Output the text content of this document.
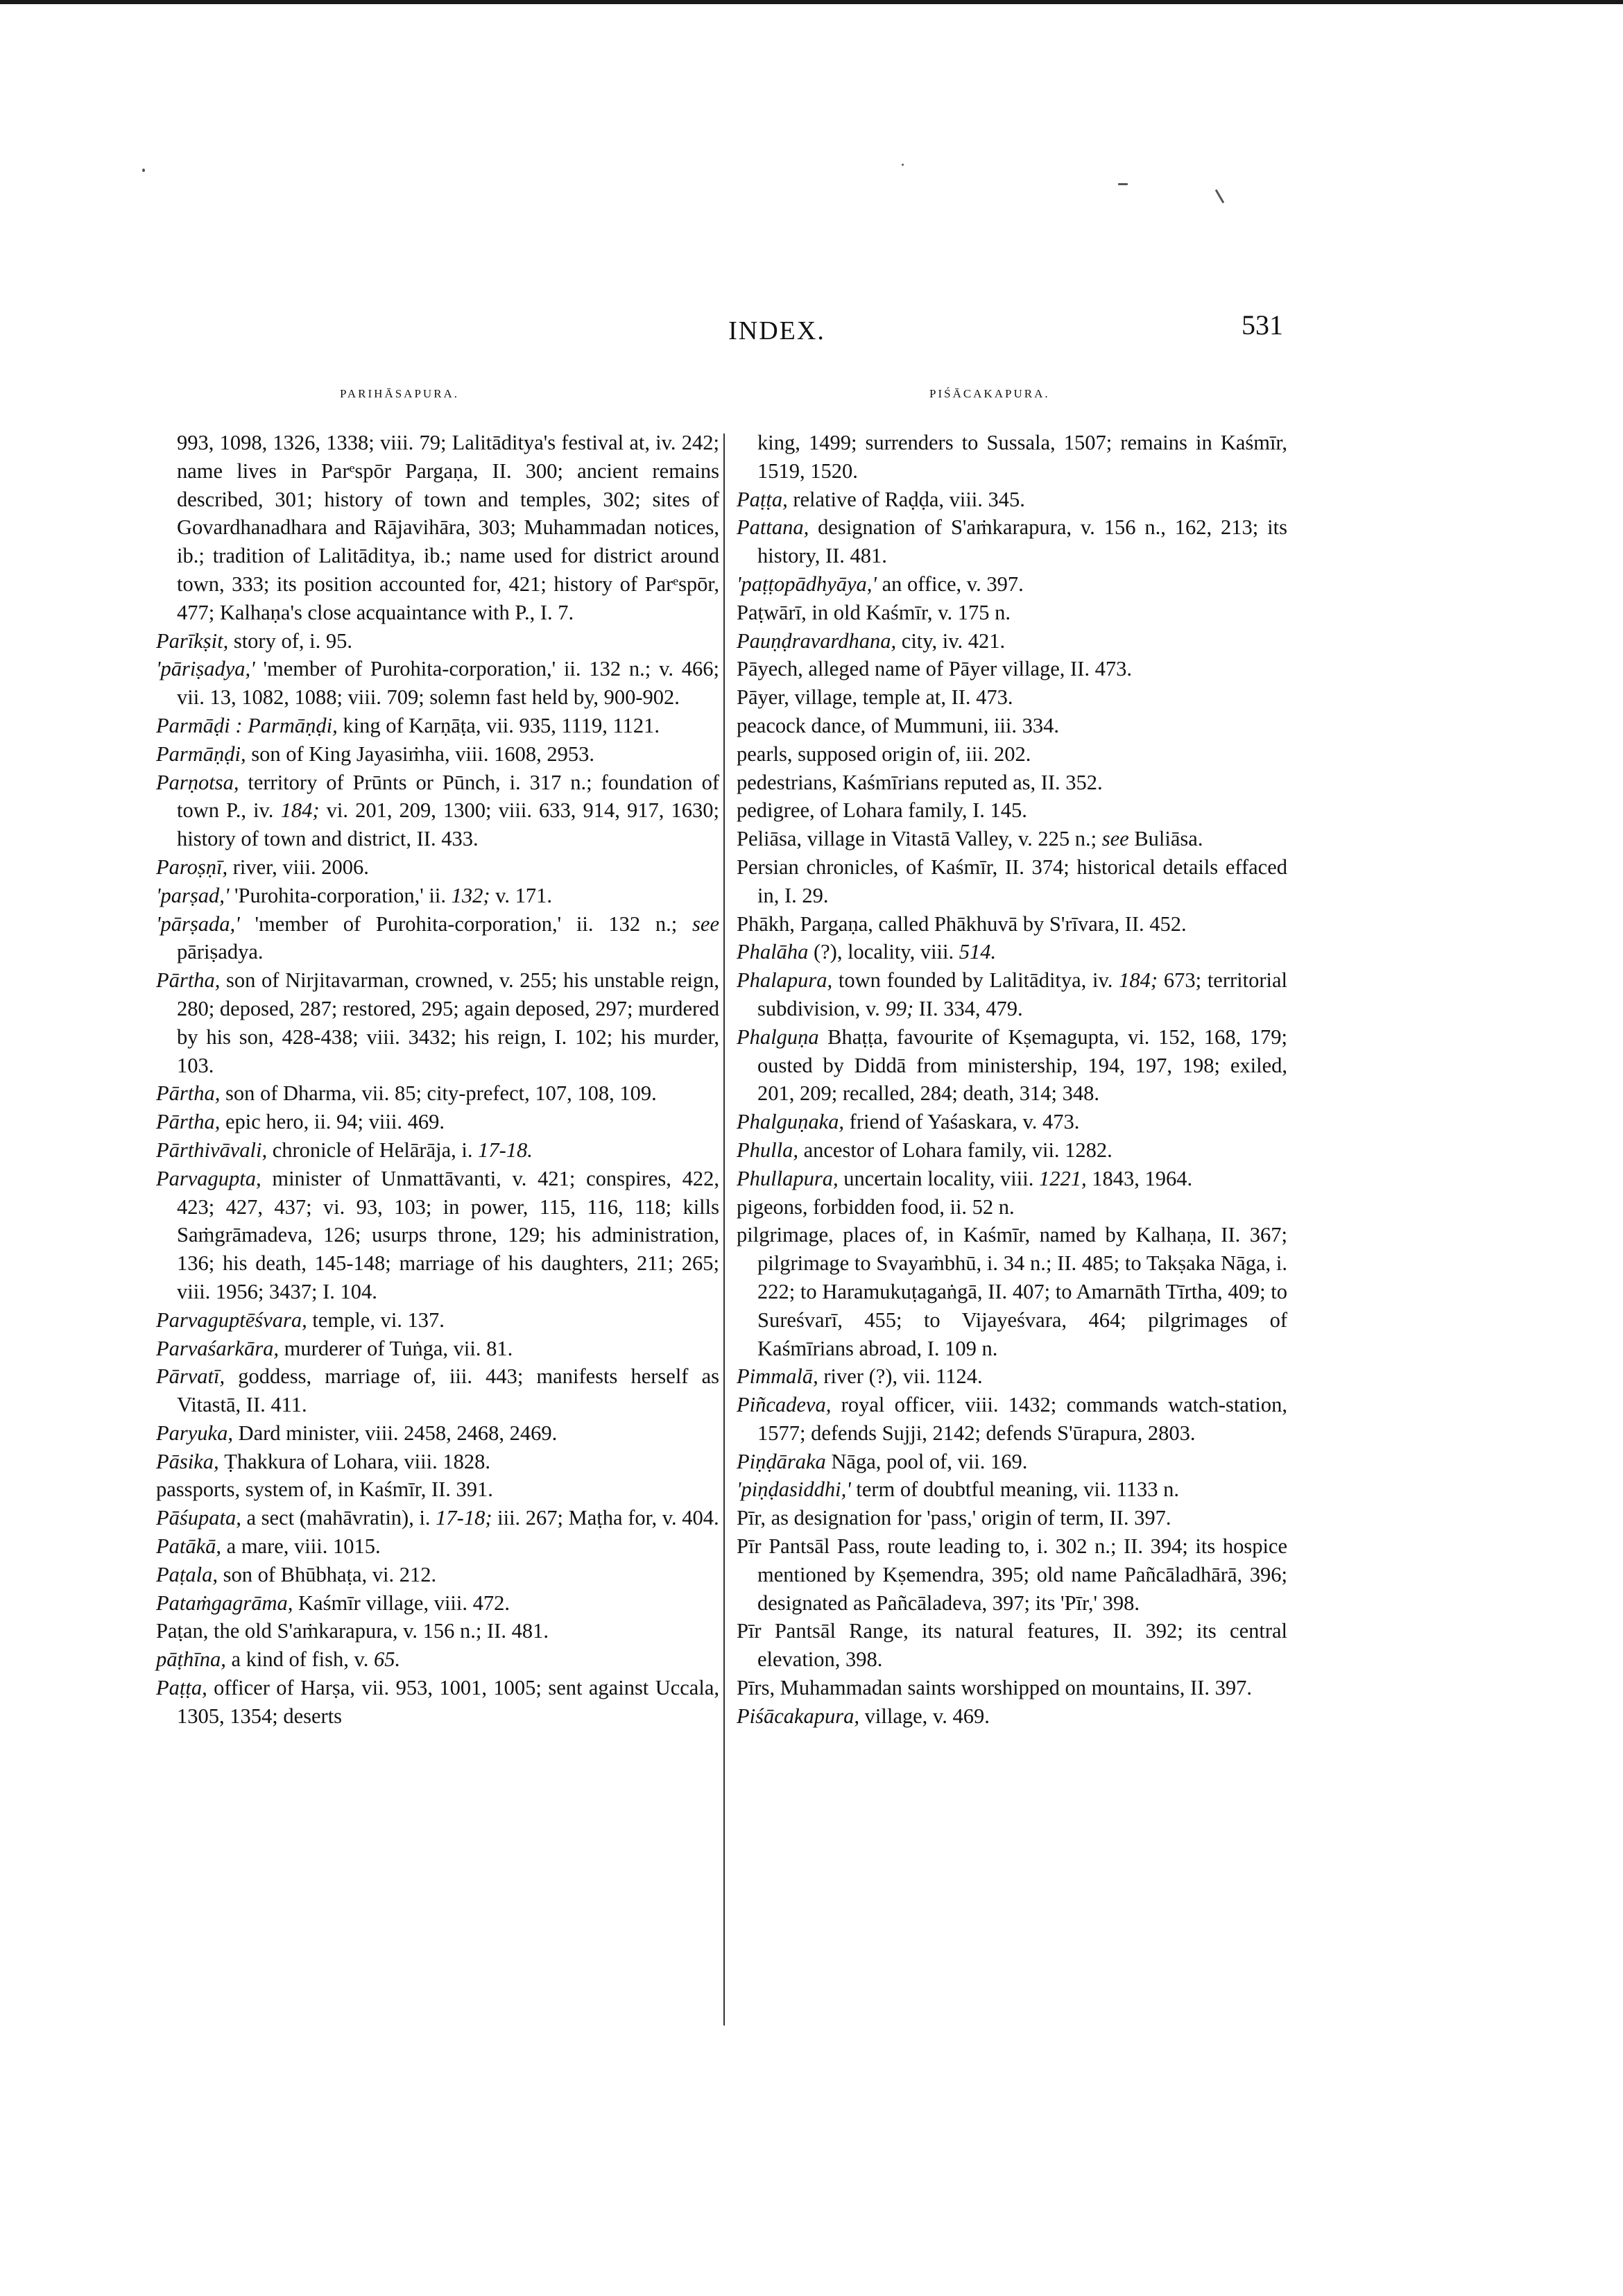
INDEX.	531
PARIHĀSAPURA.	PIŚĀCAKAPURA.

993, 1098, 1326, 1338; viii. 79; Lalitāditya's festival at, iv. 242; name lives in Parᵉspōr Pargaṇa, II. 300; ancient remains described, 301; history of town and temples, 302; sites of Govardhanadhara and Rājavihāra, 303; Muhammadan notices, ib.; tradition of Lalitāditya, ib.; name used for district around town, 333; its position accounted for, 421; history of Parᵉspōr, 477; Kalhaṇa's close acquaintance with P., I. 7.

Parīkṣit, story of, i. 95.

'pāriṣadya,' 'member of Purohita-corporation,' ii. 132 n.; v. 466; vii. 13, 1082, 1088; viii. 709; solemn fast held by, 900-902.

Parmāḍi : Parmāṇḍi, king of Karṇāṭa, vii. 935, 1119, 1121.

Parmāṇḍi, son of King Jayasiṁha, viii. 1608, 2953.

Parṇotsa, territory of Prūnts or Pūnch, i. 317 n.; foundation of town P., iv. 184; vi. 201, 209, 1300; viii. 633, 914, 917, 1630; history of town and district, II. 433.

Paroṣṇī, river, viii. 2006.

'parṣad,' 'Purohita-corporation,' ii. 132; v. 171.

'pārṣada,' 'member of Purohita-corporation,' ii. 132 n.; see pāriṣadya.

Pārtha, son of Nirjitavarman, crowned, v. 255; his unstable reign, 280; deposed, 287; restored, 295; again deposed, 297; murdered by his son, 428-438; viii. 3432; his reign, I. 102; his murder, 103.

Pārtha, son of Dharma, vii. 85; city-prefect, 107, 108, 109.

Pārtha, epic hero, ii. 94; viii. 469.

Pārthivāvali, chronicle of Helārāja, i. 17-18.

Parvagupta, minister of Unmattāvanti, v. 421; conspires, 422, 423; 427, 437; vi. 93, 103; in power, 115, 116, 118; kills Saṁgrāmadeva, 126; usurps throne, 129; his administration, 136; his death, 145-148; marriage of his daughters, 211; 265; viii. 1956; 3437; I. 104.

Parvaguptēśvara, temple, vi. 137.

Parvaśarkāra, murderer of Tuṅga, vii. 81.

Pārvatī, goddess, marriage of, iii. 443; manifests herself as Vitastā, II. 411.

Paryuka, Dard minister, viii. 2458, 2468, 2469.

Pāsika, Ṭhakkura of Lohara, viii. 1828.

passports, system of, in Kaśmīr, II. 391.

Pāśupata, a sect (mahāvratin), i. 17-18; iii. 267; Maṭha for, v. 404.

Patākā, a mare, viii. 1015.

Paṭala, son of Bhūbhaṭa, vi. 212.

Pataṁgagrāma, Kaśmīr village, viii. 472.

Paṭan, the old S'aṁkarapura, v. 156 n.; II. 481.

pāṭhīna, a kind of fish, v. 65.

Paṭṭa, officer of Harṣa, vii. 953, 1001, 1005; sent against Uccala, 1305, 1354; deserts

king, 1499; surrenders to Sussala, 1507; remains in Kaśmīr, 1519, 1520.

Paṭṭa, relative of Raḍḍa, viii. 345.

Pattana, designation of S'aṁkarapura, v. 156 n., 162, 213; its history, II. 481.

'paṭṭopādhyāya,' an office, v. 397.

Paṭwārī, in old Kaśmīr, v. 175 n.

Pauṇḍravardhana, city, iv. 421.

Pāyech, alleged name of Pāyer village, II. 473.

Pāyer, village, temple at, II. 473.

peacock dance, of Mummuni, iii. 334.

pearls, supposed origin of, iii. 202.

pedestrians, Kaśmīrians reputed as, II. 352.

pedigree, of Lohara family, I. 145.

Peliāsa, village in Vitastā Valley, v. 225 n.; see Buliāsa.

Persian chronicles, of Kaśmīr, II. 374; historical details effaced in, I. 29.

Phākh, Pargaṇa, called Phākhuvā by S'rīvara, II. 452.

Phalāha (?), locality, viii. 514.

Phalapura, town founded by Lalitāditya, iv. 184; 673; territorial subdivision, v. 99; II. 334, 479.

Phalguṇa Bhaṭṭa, favourite of Kṣemagupta, vi. 152, 168, 179; ousted by Diddā from ministership, 194, 197, 198; exiled, 201, 209; recalled, 284; death, 314; 348.

Phalguṇaka, friend of Yaśaskara, v. 473.

Phulla, ancestor of Lohara family, vii. 1282.

Phullapura, uncertain locality, viii. 1221, 1843, 1964.

pigeons, forbidden food, ii. 52 n.

pilgrimage, places of, in Kaśmīr, named by Kalhaṇa, II. 367; pilgrimage to Svayaṁbhū, i. 34 n.; II. 485; to Takṣaka Nāga, i. 222; to Haramukuṭagaṅgā, II. 407; to Amarnāth Tīrtha, 409; to Sureśvarī, 455; to Vijayeśvara, 464; pilgrimages of Kaśmīrians abroad, I. 109 n.

Pimmalā, river (?), vii. 1124.

Piñcadeva, royal officer, viii. 1432; commands watch-station, 1577; defends Sujji, 2142; defends S'ūrapura, 2803.

Piṇḍāraka Nāga, pool of, vii. 169.

'piṇḍasiddhi,' term of doubtful meaning, vii. 1133 n.

Pīr, as designation for 'pass,' origin of term, II. 397.

Pīr Pantsāl Pass, route leading to, i. 302 n.; II. 394; its hospice mentioned by Kṣemendra, 395; old name Pañcāladhārā, 396; designated as Pañcāladeva, 397; its 'Pīr,' 398.

Pīr Pantsāl Range, its natural features, II. 392; its central elevation, 398.

Pīrs, Muhammadan saints worshipped on mountains, II. 397.

Piśācakapura, village, v. 469.
